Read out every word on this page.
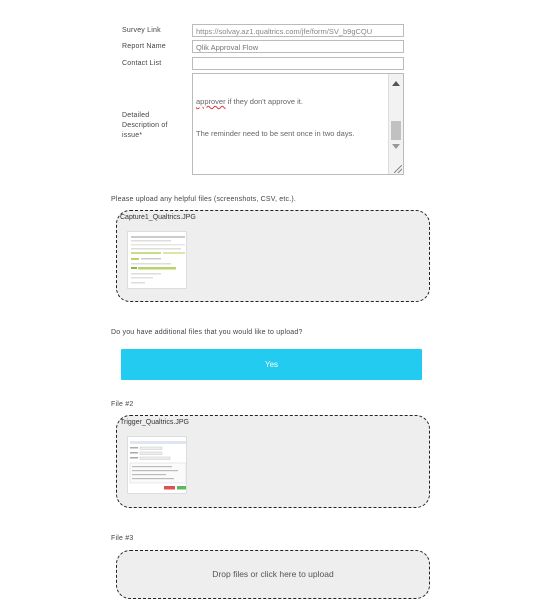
Survey Link	https://solvay.az1.qualtrics.com/jfe/form/SV_b9gCQU
Report Name	Qlik Approval Flow
Contact List
Detailed
Description of
issue*

approver if they don't approve it.

The reminder need to be sent once in two days.

Please upload any helpful files (screenshots, CSV, etc.).
Capture1_Qualtrics.JPG
Do you have additional files that you would like to upload?
Yes
File #2
Trigger_Qualtrics.JPG
File #3
Drop files or click here to upload
